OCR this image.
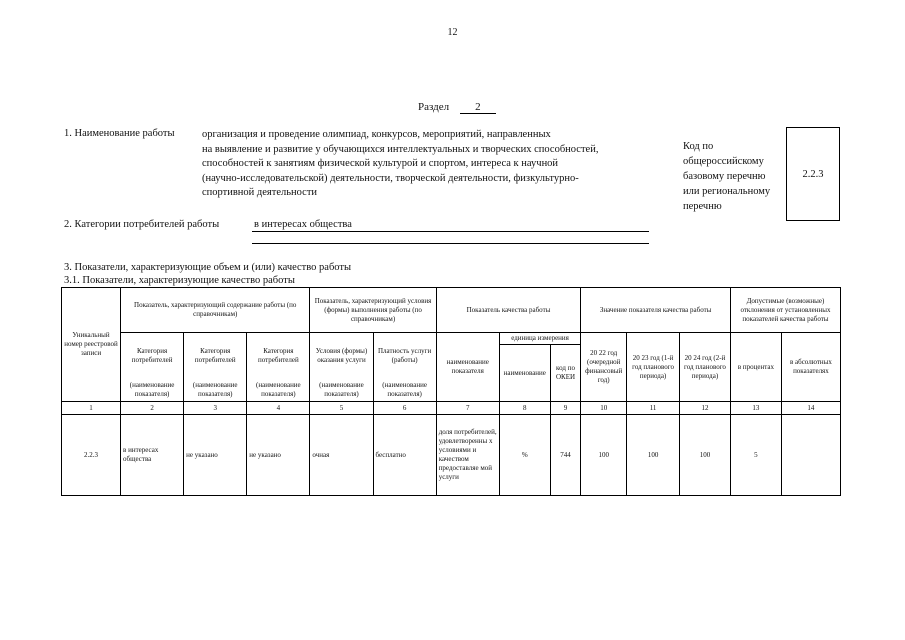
12
Раздел 2
1. Наименование работы	организация и проведение олимпиад, конкурсов, мероприятий, направленных
на выявление и развитие у обучающихся интеллектуальных и творческих способностей,
способностей к занятиям физической культурой и спортом, интереса к научной
(научно-исследовательской) деятельности, творческой деятельности, физкультурно-
спортивной деятельности
Код по
общероссийскому
базовому перечню
или региональному
перечню
2.2.3
2. Категории потребителей работы	в интересах общества
3. Показатели, характеризующие объем и (или) качество работы
3.1. Показатели, характеризующие качество работы
Уникальный номер реестровой записи	Показатель, характеризующий содержание работы (по справочникам)			Показатель, характеризующий условия (формы) выполнения работы (по справочникам)		Показатель качества работы			Значение показателя качества работы			Допустимые (возможные) отклонения от установленных показателей качества работы	
	Категория потребителей	Категория потребителей	Категория потребителей	Условия (формы) оказания услуги	Платность услуги (работы)	наименование показателя	единица измерения		20 22 год (очередной финансовый год)	20 23 год (1-й год планового периода)	20 24 год (2-й год планового периода)	в процентах	в абсолютных показателях
							наименование	код по ОКЕИ					
	(наименование показателя)	(наименование показателя)	(наименование показателя)	(наименование показателя)	(наименование показателя)								
1	2	3	4	5	6	7	8	9	10	11	12	13	14
2.2.3	в интересах общества	не указано	не указано	очная	бесплатно	доля потребителей, удовлетворенны х условиями и качеством предоставляе мой услуги	%	744	100	100	100	5	
